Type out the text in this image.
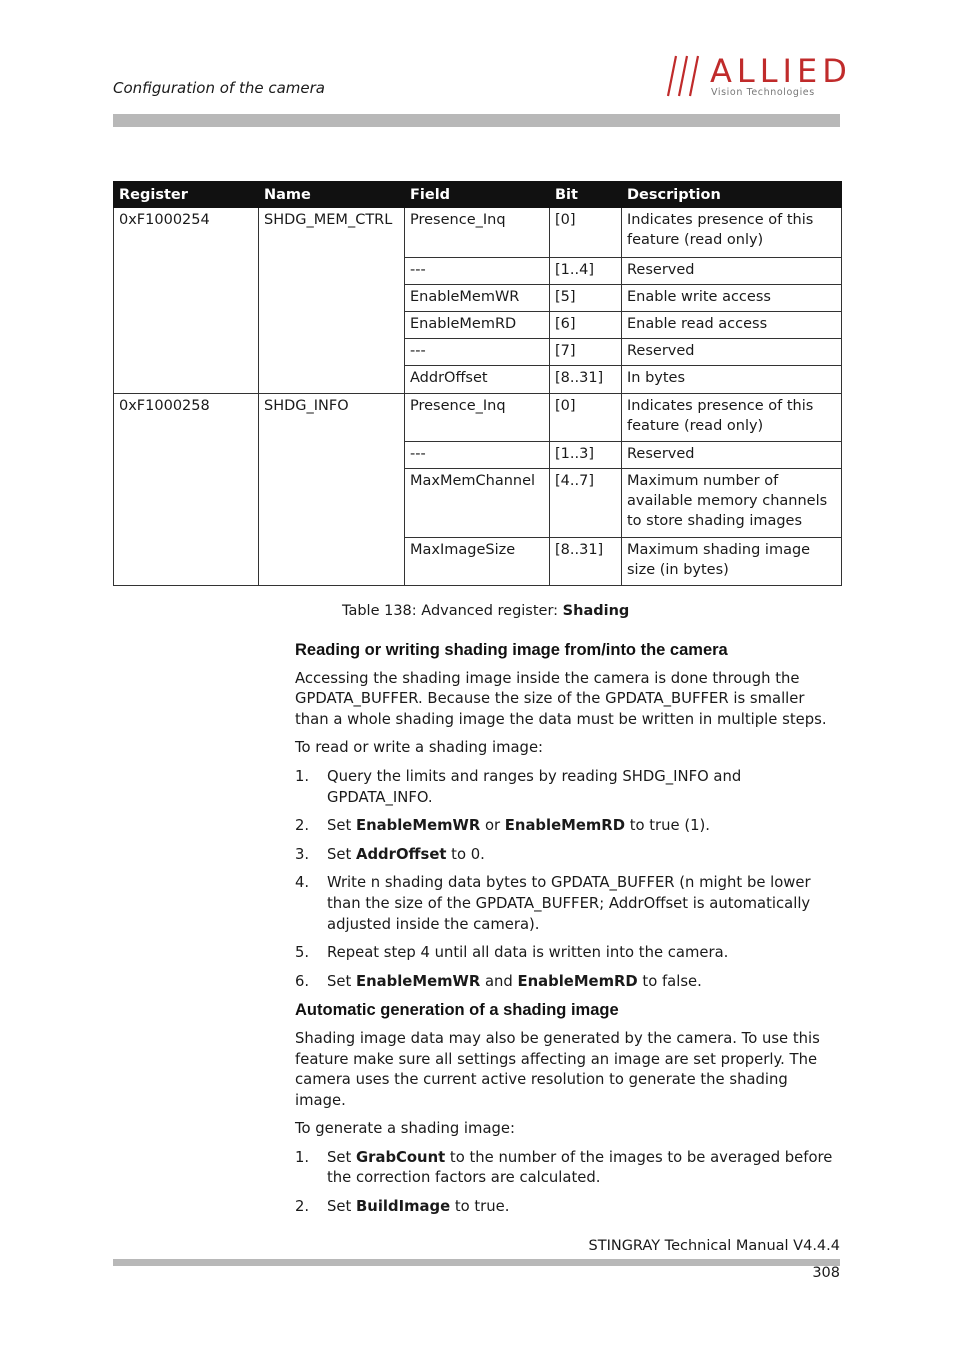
Configuration of the camera	ALLIED
Vision Technologies
Register	Name	Field	Bit	Description
0xF1000254	SHDG_MEM_CTRL	Presence_Inq	[0]	Indicates presence of this feature (read only)
		---	[1..4]	Reserved
		EnableMemWR	[5]	Enable write access
		EnableMemRD	[6]	Enable read access
		---	[7]	Reserved
		AddrOffset	[8..31]	In bytes
0xF1000258	SHDG_INFO	Presence_Inq	[0]	Indicates presence of this feature (read only)
		---	[1..3]	Reserved
		MaxMemChannel	[4..7]	Maximum number of available memory channels to store shading images
		MaxImageSize	[8..31]	Maximum shading image size (in bytes)
Table 138: Advanced register: Shading
Reading or writing shading image from/into the camera

Accessing the shading image inside the camera is done through the GPDATA_BUFFER. Because the size of the GPDATA_BUFFER is smaller than a whole shading image the data must be written in multiple steps.

To read or write a shading image:

1. Query the limits and ranges by reading SHDG_INFO and GPDATA_INFO.
2. Set EnableMemWR or EnableMemRD to true (1).
3. Set AddrOffset to 0.
4. Write n shading data bytes to GPDATA_BUFFER (n might be lower than the size of the GPDATA_BUFFER; AddrOffset is automatically adjusted inside the camera).
5. Repeat step 4 until all data is written into the camera.
6. Set EnableMemWR and EnableMemRD to false.
Automatic generation of a shading image

Shading image data may also be generated by the camera. To use this feature make sure all settings affecting an image are set properly. The camera uses the current active resolution to generate the shading image.

To generate a shading image:

1. Set GrabCount to the number of the images to be averaged before the correction factors are calculated.
2. Set BuildImage to true.
STINGRAY Technical Manual V4.4.4
308
